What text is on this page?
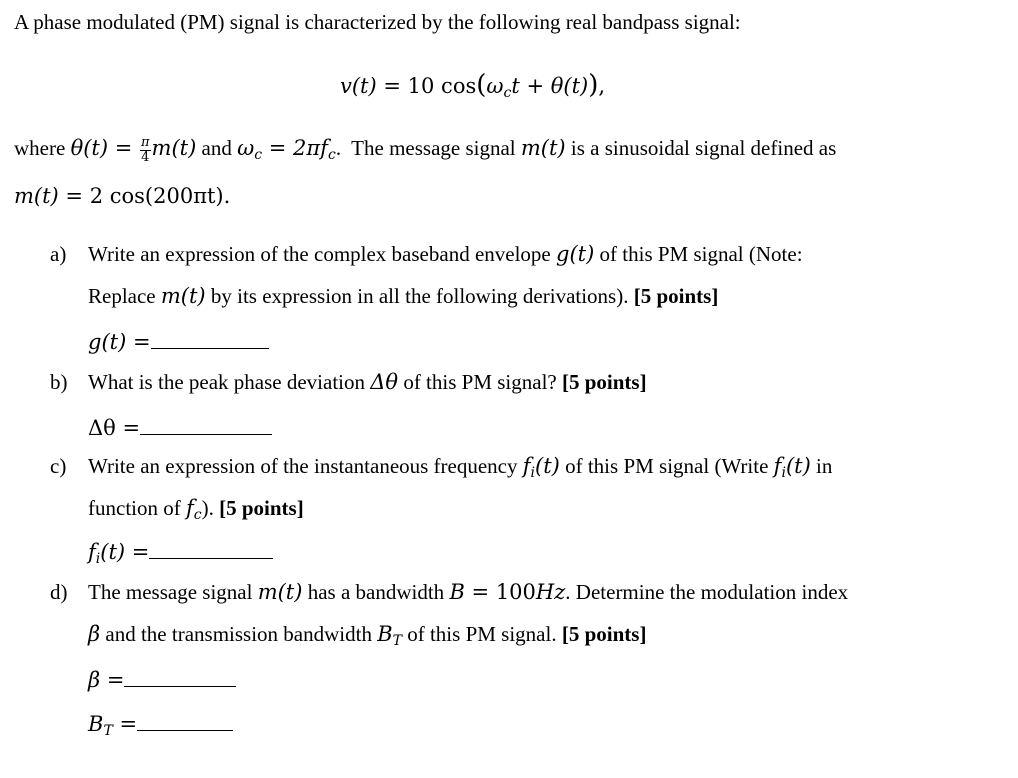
A phase modulated (PM) signal is characterized by the following real bandpass signal:
v(t) = 10 $\cos(\omega_ct + \theta(t))$,
where $\theta(t) = \frac{\pi}{4} m(t)$ and $\omega_c = 2\pi f_c$.  The message signal m(t) is a sinusoidal signal defined as
m(t) = 2 cos(200πt).
a) Write an expression of the complex baseband envelope g(t) of this PM signal (Note:
Replace m(t) by its expression in all the following derivations). [5 points]
g(t) =
b) What is the peak phase deviation Δθ of this PM signal? [5 points]
Δθ =
c) Write an expression of the instantaneous frequency $f_i(t)$ of this PM signal (Write $f_i(t)$ in
function of $f_c$). [5 points]
$f_i(t)$ =
d) The message signal m(t) has a bandwidth B = 100Hz. Determine the modulation index
β and the transmission bandwidth $B_T$ of this PM signal. [5 points]
β =
$B_T$ =
